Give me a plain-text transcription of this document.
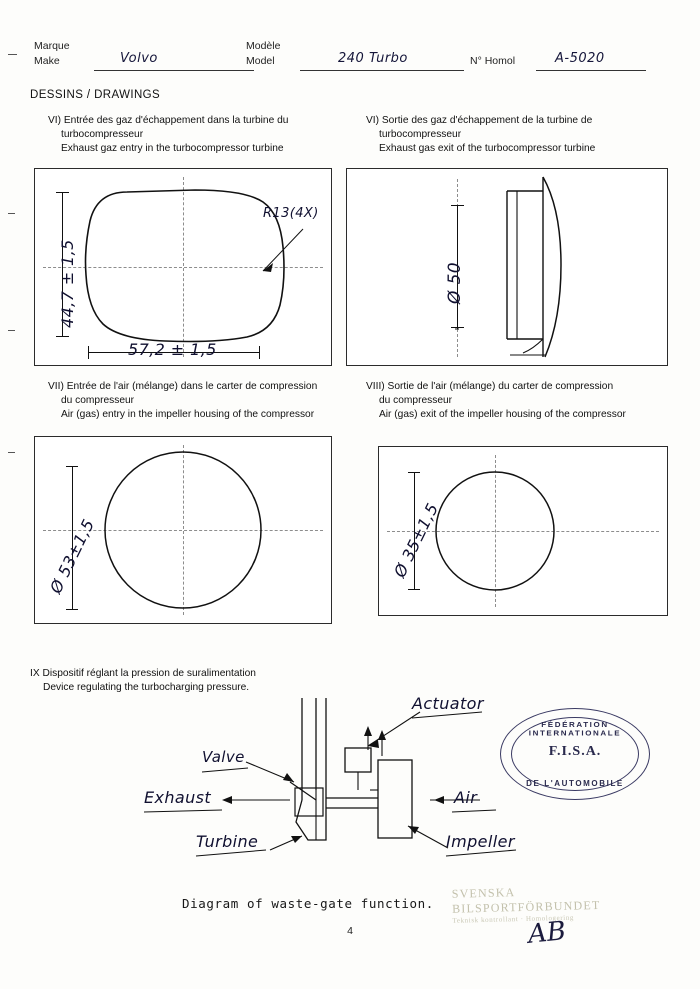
Marque
Make	Volvo
Modèle
Model	240 Turbo	N° Homol	A-5020
DESSINS / DRAWINGS
VI) Entrée des gaz d'échappement dans la turbine du
turbocompresseur
Exhaust gaz entry in the turbocompressor turbine
VI) Sortie des gaz d'échappement de la turbine de
turbocompresseur
Exhaust gas exit of the turbocompressor turbine
R13(4X)
44,7 ± 1,5
57,2 ± 1,5
Ø 50
VII) Entrée de l'air (mélange) dans le carter de compression
du compresseur
Air (gas) entry in the impeller housing of the compressor
VIII) Sortie de l'air (mélange) du carter de compression
du compresseur
Air (gas) exit of the impeller housing of the compressor
Ø 53±1,5	Ø 35±1,5
IX Dispositif réglant la pression de suralimentation
Device regulating the turbocharging pressure.
Actuator
Valve
Exhaust
Turbine
Air
Impeller
FÉDÉRATION INTERNATIONALE
F.I.S.A.
DE L'AUTOMOBILE
Diagram of waste-gate function.
SVENSKA BILSPORTFÖRBUNDET
Teknisk kontrollant · Homologering
AB
4
